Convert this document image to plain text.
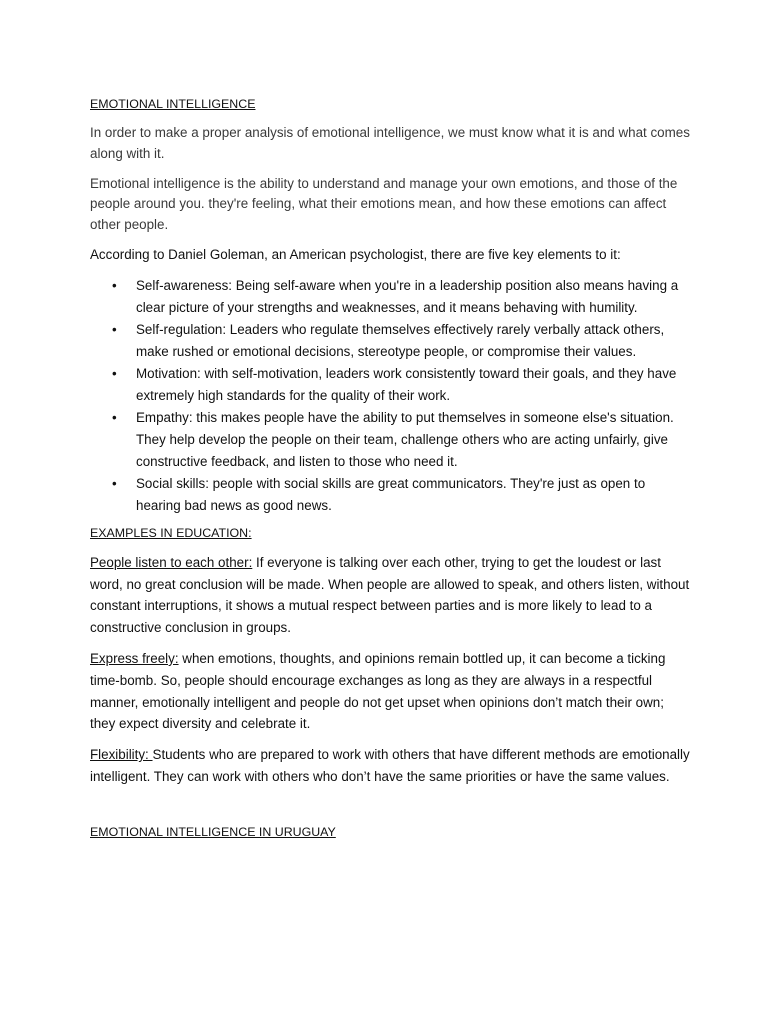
EMOTIONAL INTELLIGENCE

In order to make a proper analysis of emotional intelligence, we must know what it is and what comes along with it.

Emotional intelligence is the ability to understand and manage your own emotions, and those of the people around you. they're feeling, what their emotions mean, and how these emotions can affect other people.

According to Daniel Goleman, an American psychologist, there are five key elements to it:

• Self-awareness: Being self-aware when you're in a leadership position also means having a clear picture of your strengths and weaknesses, and it means behaving with humility.
• Self-regulation: Leaders who regulate themselves effectively rarely verbally attack others, make rushed or emotional decisions, stereotype people, or compromise their values.
• Motivation: with self-motivation, leaders work consistently toward their goals, and they have extremely high standards for the quality of their work.
• Empathy: this makes people have the ability to put themselves in someone else's situation. They help develop the people on their team, challenge others who are acting unfairly, give constructive feedback, and listen to those who need it.
• Social skills: people with social skills are great communicators. They're just as open to hearing bad news as good news.
EXAMPLES IN EDUCATION:

People listen to each other: If everyone is talking over each other, trying to get the loudest or last word, no great conclusion will be made. When people are allowed to speak, and others listen, without constant interruptions, it shows a mutual respect between parties and is more likely to lead to a constructive conclusion in groups.

Express freely: when emotions, thoughts, and opinions remain bottled up, it can become a ticking time-bomb. So, people should encourage exchanges as long as they are always in a respectful manner, emotionally intelligent and people do not get upset when opinions don’t match their own; they expect diversity and celebrate it.

Flexibility: Students who are prepared to work with others that have different methods are emotionally intelligent. They can work with others who don’t have the same priorities or have the same values.

EMOTIONAL INTELLIGENCE IN URUGUAY
